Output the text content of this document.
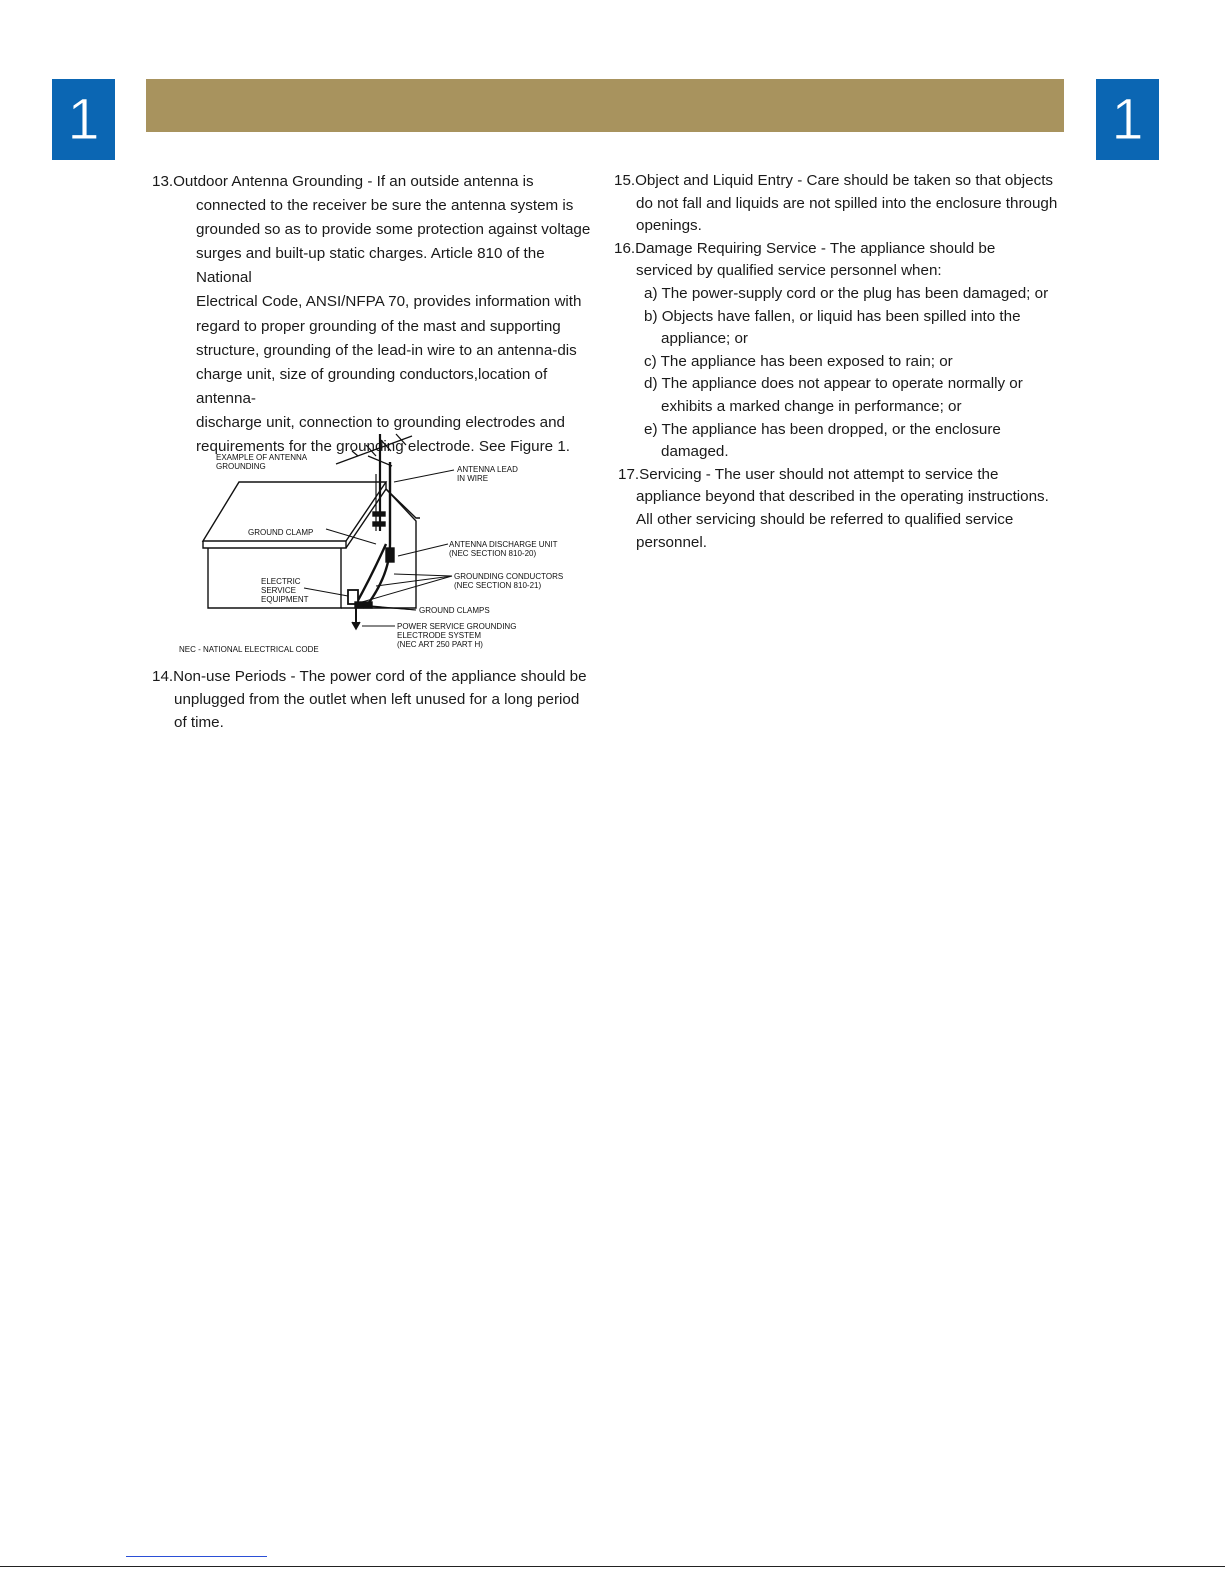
1	1
13.Outdoor Antenna Grounding - If an outside antenna is
connected to the receiver be sure the antenna system is
grounded so as to provide some protection against voltage
surges and built-up static charges. Article 810 of the National
Electrical Code, ANSI/NFPA 70, provides information with
regard to proper grounding of the mast and supporting
structure, grounding of the lead-in wire to an antenna-dis
charge unit, size of grounding conductors,location of antenna-
discharge unit, connection to grounding electrodes and
requirements for the grounding electrode. See Figure 1.
EXAMPLE OF ANTENNA
GROUNDING	ANTENNA LEAD
IN WIRE
GROUND CLAMP
ANTENNA DISCHARGE UNIT
(NEC SECTION 810-20)
ELECTRIC
SERVICE
EQUIPMENT
GROUNDING CONDUCTORS
(NEC SECTION 810-21)
GROUND CLAMPS
POWER SERVICE GROUNDING
ELECTRODE SYSTEM
(NEC ART 250 PART H)
NEC - NATIONAL ELECTRICAL CODE
14.Non-use Periods - The power cord of the appliance should be
unplugged from the outlet when left unused for a long period
of time.
15.Object and Liquid Entry - Care should be taken so that objects
do not fall and liquids are not spilled into the enclosure through
openings.
16.Damage Requiring Service - The appliance should be
serviced by qualified service personnel when:
a) The power-supply cord or the plug has been damaged; or
b) Objects have fallen, or liquid has been spilled into the
appliance; or
c) The appliance has been exposed to rain; or
d) The appliance does not appear to operate normally or
exhibits a marked change in performance; or
e) The appliance has been dropped, or the enclosure
damaged.
17.Servicing - The user should not attempt to service the
appliance beyond that described in the operating instructions.
All other servicing should be referred to qualified service
personnel.
